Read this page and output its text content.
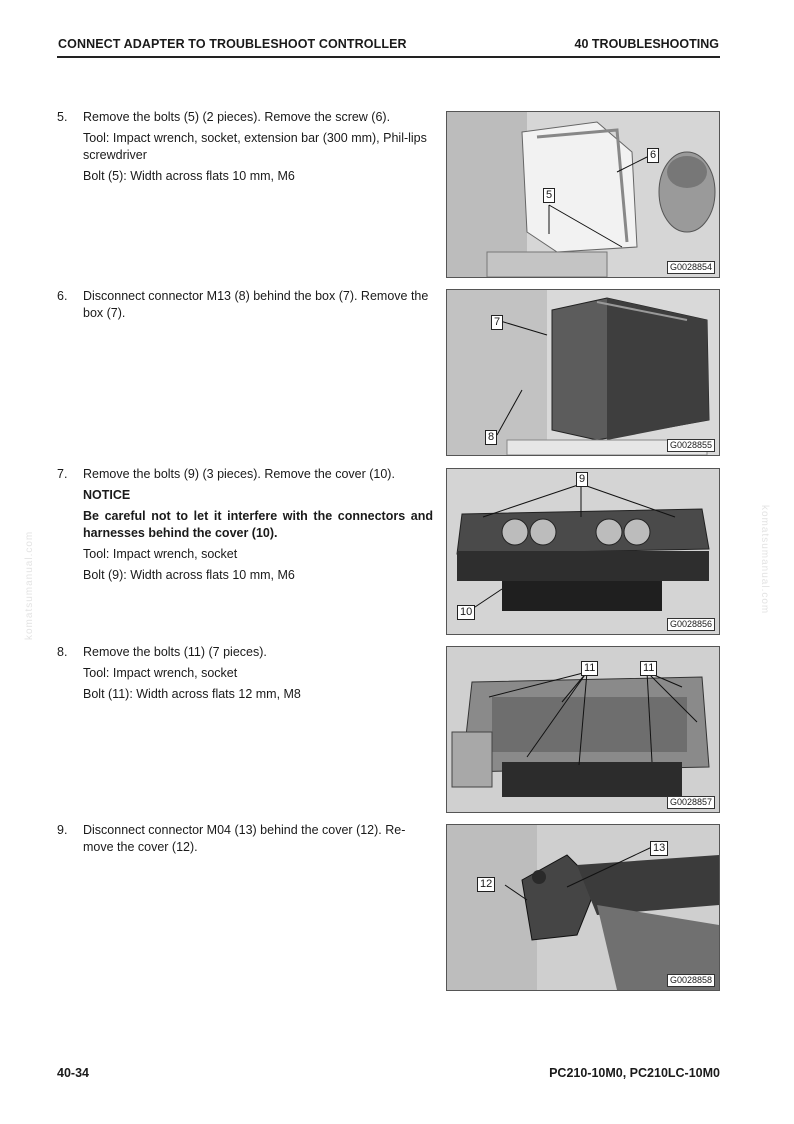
CONNECT ADAPTER TO TROUBLESHOOT CONTROLLER	40 TROUBLESHOOTING
5. Remove the bolts (5) (2 pieces). Remove the screw (6).

Tool: Impact wrench, socket, extension bar (300 mm), Phil-lips screwdriver

Bolt (5): Width across flats 10 mm, M6

6
5
G0028854
6. Disconnect connector M13 (8) behind the box (7). Remove the box (7).

7
8
G0028855
7. Remove the bolts (9) (3 pieces). Remove the cover (10).

NOTICE

Be careful not to let it interfere with the connectors and harnesses behind the cover (10).

Tool: Impact wrench, socket

Bolt (9): Width across flats 10 mm, M6

9
10
G0028856
8. Remove the bolts (11) (7 pieces).

Tool: Impact wrench, socket

Bolt (11): Width across flats 12 mm, M8

11	11
G0028857
9. Disconnect connector M04 (13) behind the cover (12). Re-move the cover (12).	13
12
G0028858
komatsumanual.com	komatsumanual.com
40-34	PC210-10M0, PC210LC-10M0
